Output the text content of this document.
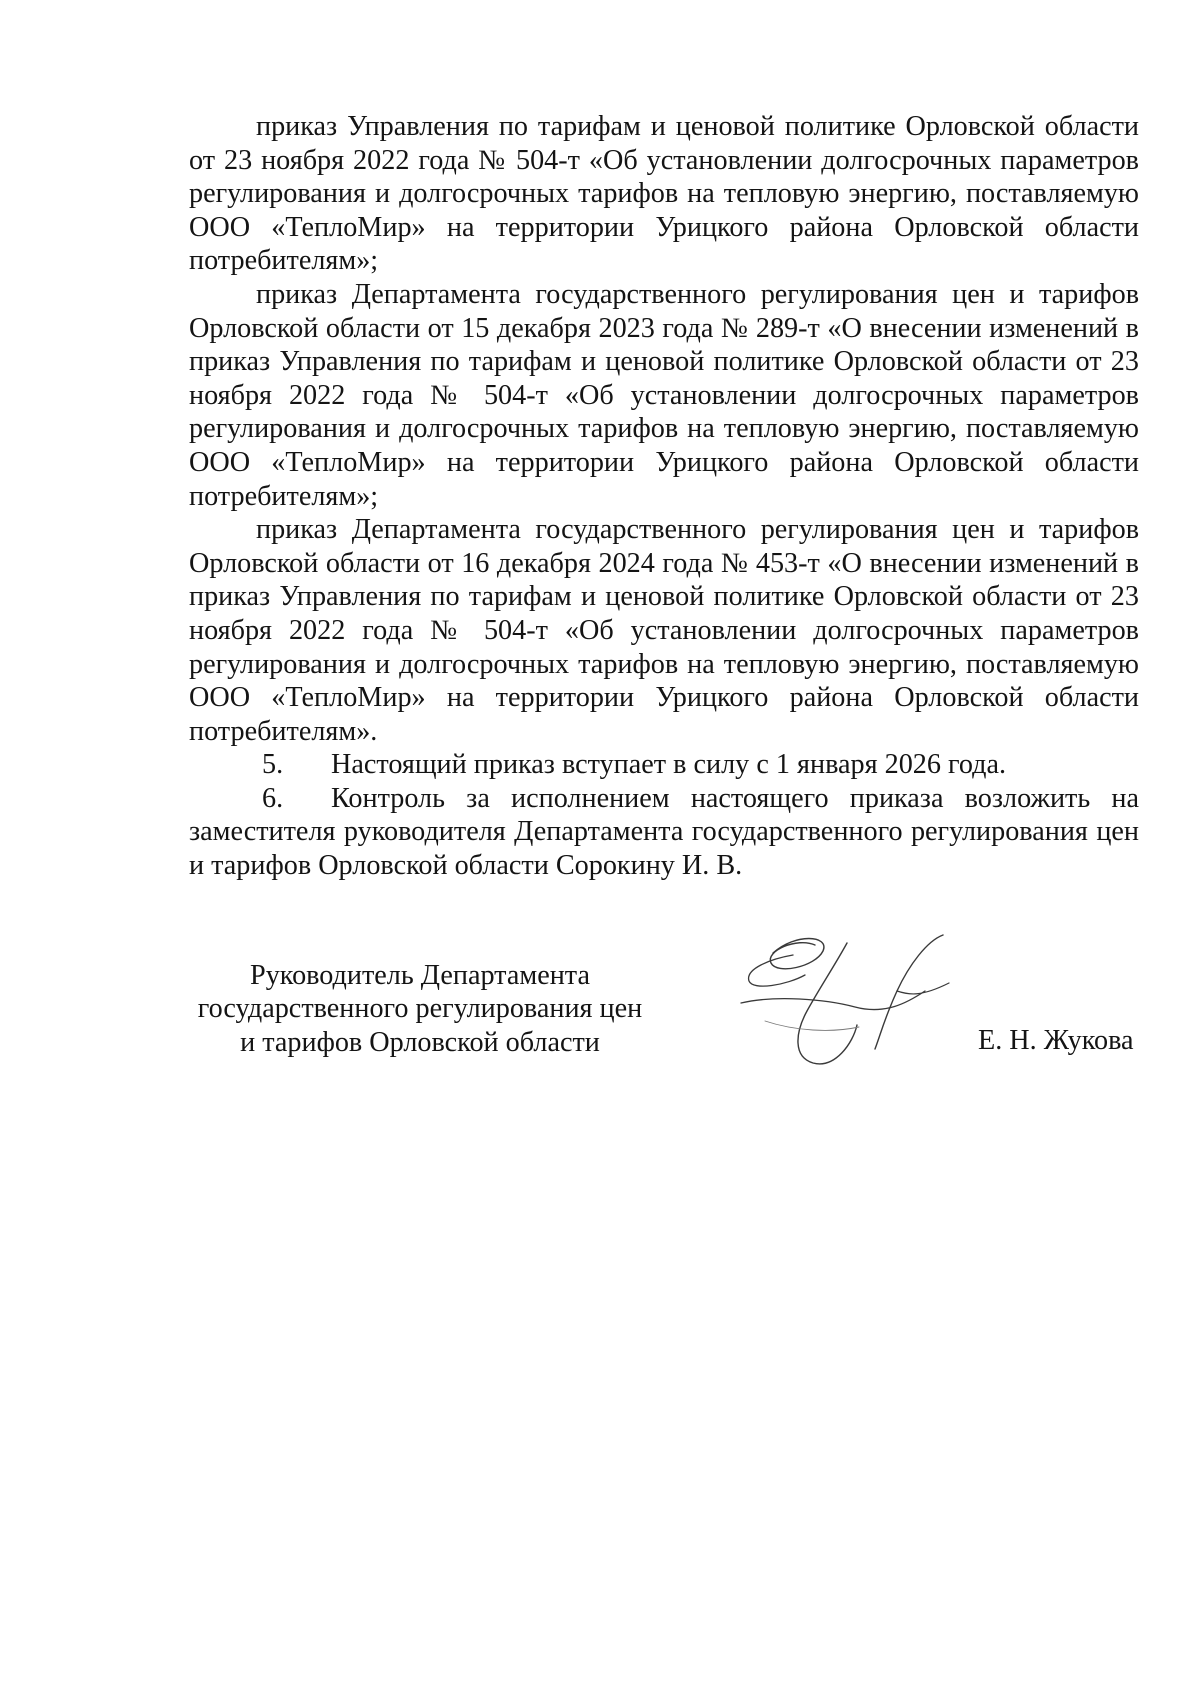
приказ Управления по тарифам и ценовой политике Орловской области от 23 ноября 2022 года № 504-т «Об установлении долгосрочных параметров регулирования и долгосрочных тарифов на тепловую энергию, поставляемую ООО «ТеплоМир» на территории Урицкого района Орловской области потребителям»;

приказ Департамента государственного регулирования цен и тарифов Орловской области от 15 декабря 2023 года № 289-т «О внесении изменений в приказ Управления по тарифам и ценовой политике Орловской области от 23 ноября 2022 года № 504-т «Об установлении долгосрочных параметров регулирования и долгосрочных тарифов на тепловую энергию, поставляемую ООО «ТеплоМир» на территории Урицкого района Орловской области потребителям»;

приказ Департамента государственного регулирования цен и тарифов Орловской области от 16 декабря 2024 года № 453-т «О внесении изменений в приказ Управления по тарифам и ценовой политике Орловской области от 23 ноября 2022 года № 504-т «Об установлении долгосрочных параметров регулирования и долгосрочных тарифов на тепловую энергию, поставляемую ООО «ТеплоМир» на территории Урицкого района Орловской области потребителям».

5. Настоящий приказ вступает в силу с 1 января 2026 года.

6. Контроль за исполнением настоящего приказа возложить на заместителя руководителя Департамента государственного регулирования цен и тарифов Орловской области Сорокину И. В.

Руководитель Департамента
государственного регулирования цен
и тарифов Орловской области	Е. Н. Жукова
